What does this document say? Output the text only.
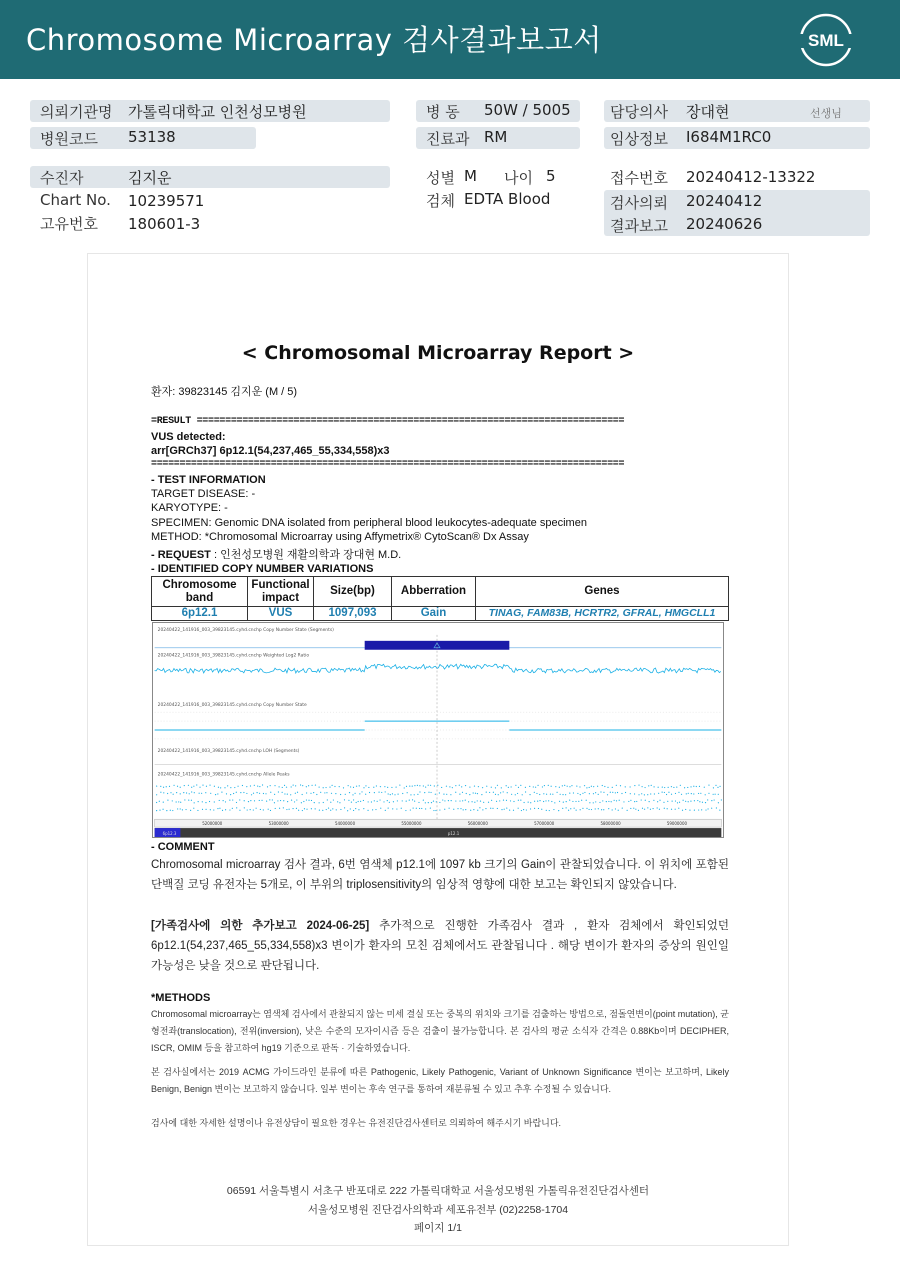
Chromosome Microarray 검사결과보고서	SML
의뢰기관명 가톨릭대학교 인천성모병원
병원코드 53138
수진자	김지운
Chart No. 10239571
고유번호 180601-3
병 동 50W / 5005
진료과 RM
성별 M 나이 5
검체 EDTA Blood
담당의사 장대현	선생님
임상정보 I684M1RC0
접수번호 20240412-13322
검사의뢰 20240412
결과보고 20240626
< Chromosomal Microarray Report >
환자: 39823145 김지운 (M / 5)
=RESULT ===========================================================================
VUS detected:
arr[GRCh37] 6p12.1(54,237,465_55,334,558)x3
===================================================================================
- TEST INFORMATION
TARGET DISEASE: -
KARYOTYPE: -
SPECIMEN: Genomic DNA isolated from peripheral blood leukocytes-adequate specimen
METHOD: *Chromosomal Microarray using Affymetrix® CytoScan® Dx Assay
- REQUEST : 인천성모병원 재활의학과 장대현 M.D.
- IDENTIFIED COPY NUMBER VARIATIONS
Chromosome band	Functional impact	Size(bp)	Abberration	Genes
6p12.1	VUS	1097,093	Gain	TINAG, FAM83B, HCRTR2, GFRAL, HMGCLL1
20240422_141916_003_39823145.cyhd.cnchp Copy Number State (Segments)
20240422_141916_003_39823145.cyhd.cnchp Weighted Log2 Ratio
20240422_141916_003_39823145.cyhd.cnchp Copy Number State
20240422_141916_003_39823145.cyhd.cnchp LOH (Segments)
20240422_141916_003_39823145.cyhd.cnchp Allele Peaks
52000000	53000000	54000000	55000000	56000000	57000000	58000000	59000000
6p12.3	p12.1
- COMMENT
Chromosomal microarray 검사 결과, 6번 염색체 p12.1에 1097 kb 크기의 Gain이 관찰되었습니다. 이 위치에 포함된 단백질 코딩 유전자는 5개로, 이 부위의 triplosensitivity의 임상적 영향에 대한 보고는 확인되지 않았습니다.
[가족검사에 의한 추가보고 2024-06-25] 추가적으로 진행한 가족검사 결과 , 환자 검체에서 확인되었던 6p12.1(54,237,465_55,334,558)x3 변이가 환자의 모친 검체에서도 관찰됩니다 . 해당 변이가 환자의 증상의 원인일 가능성은 낮을 것으로 판단됩니다.
*METHODS
Chromosomal microarray는 염색체 검사에서 관찰되지 않는 미세 결실 또는 중복의 위치와 크기를 검출하는 방법으로, 점돌연변이(point mutation), 균형전좌(translocation), 전위(inversion), 낮은 수준의 모자이시즘 등은 검출이 불가능합니다. 본 검사의 평균 소식자 간격은 0.88Kb이며 DECIPHER, ISCR, OMIM 등을 참고하여 hg19 기준으로 판독 · 기술하였습니다.
본 검사실에서는 2019 ACMG 가이드라인 분류에 따른 Pathogenic, Likely Pathogenic, Variant of Unknown Significance 변이는 보고하며, Likely Benign, Benign 변이는 보고하지 않습니다. 일부 변이는 후속 연구를 통하여 재분류될 수 있고 추후 수정될 수 있습니다.
검사에 대한 자세한 설명이나 유전상담이 필요한 경우는 유전진단검사센터로 의뢰하여 해주시기 바랍니다.
06591 서울특별시 서초구 반포대로 222 가톨릭대학교 서울성모병원 가톨릭유전진단검사센터
서울성모병원 진단검사의학과 세포유전부 (02)2258-1704
페이지 1/1
